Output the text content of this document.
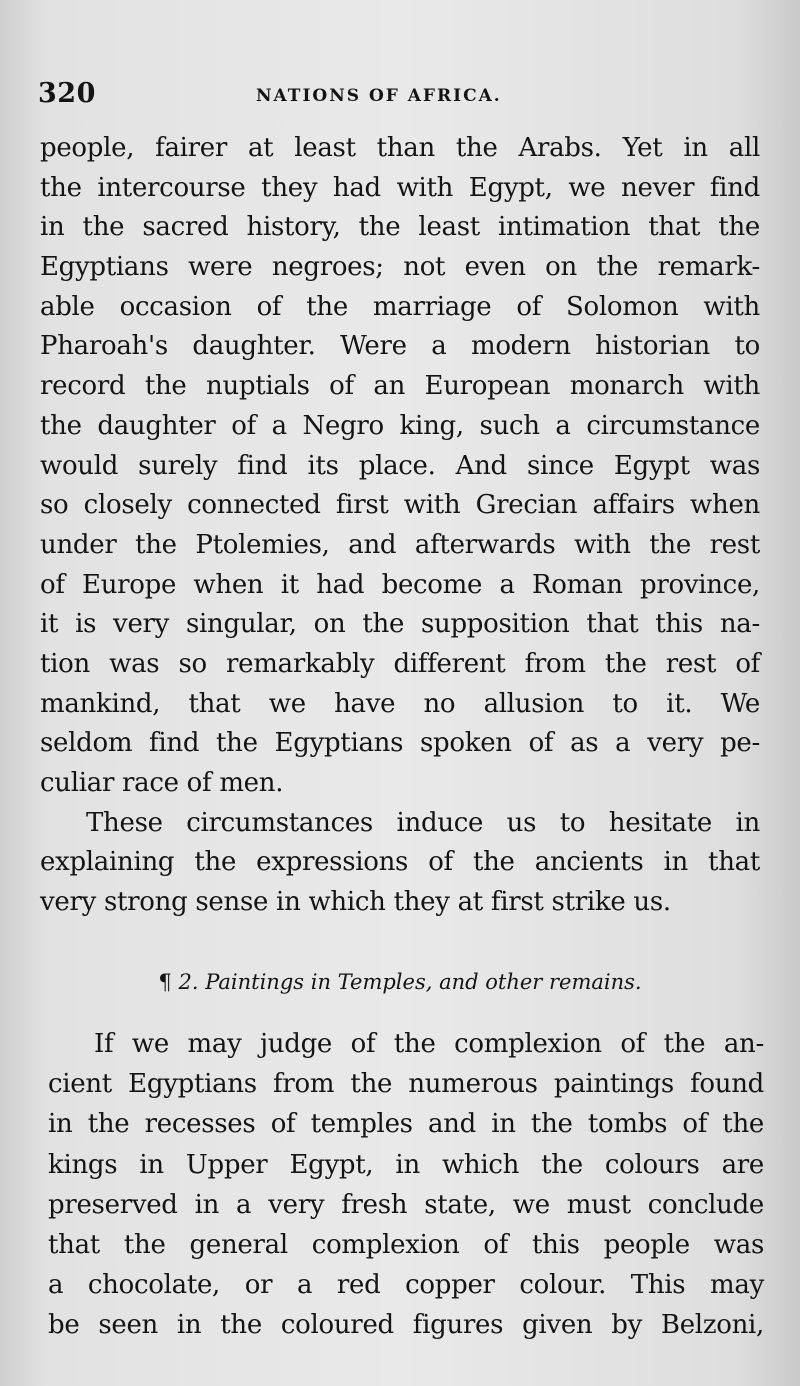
320	NATIONS OF AFRICA.
people, fairer at least than the Arabs. Yet in all
the intercourse they had with Egypt, we never find
in the sacred history, the least intimation that the
Egyptians were negroes; not even on the remark-
able occasion of the marriage of Solomon with
Pharoah's daughter. Were a modern historian to
record the nuptials of an European monarch with
the daughter of a Negro king, such a circumstance
would surely find its place. And since Egypt was
so closely connected first with Grecian affairs when
under the Ptolemies, and afterwards with the rest
of Europe when it had become a Roman province,
it is very singular, on the supposition that this na-
tion was so remarkably different from the rest of
mankind, that we have no allusion to it. We
seldom find the Egyptians spoken of as a very pe-
culiar race of men.
These circumstances induce us to hesitate in
explaining the expressions of the ancients in that
very strong sense in which they at first strike us.
¶ 2. Paintings in Temples, and other remains.
If we may judge of the complexion of the an-
cient Egyptians from the numerous paintings found
in the recesses of temples and in the tombs of the
kings in Upper Egypt, in which the colours are
preserved in a very fresh state, we must conclude
that the general complexion of this people was
a chocolate, or a red copper colour. This may
be seen in the coloured figures given by Belzoni,
